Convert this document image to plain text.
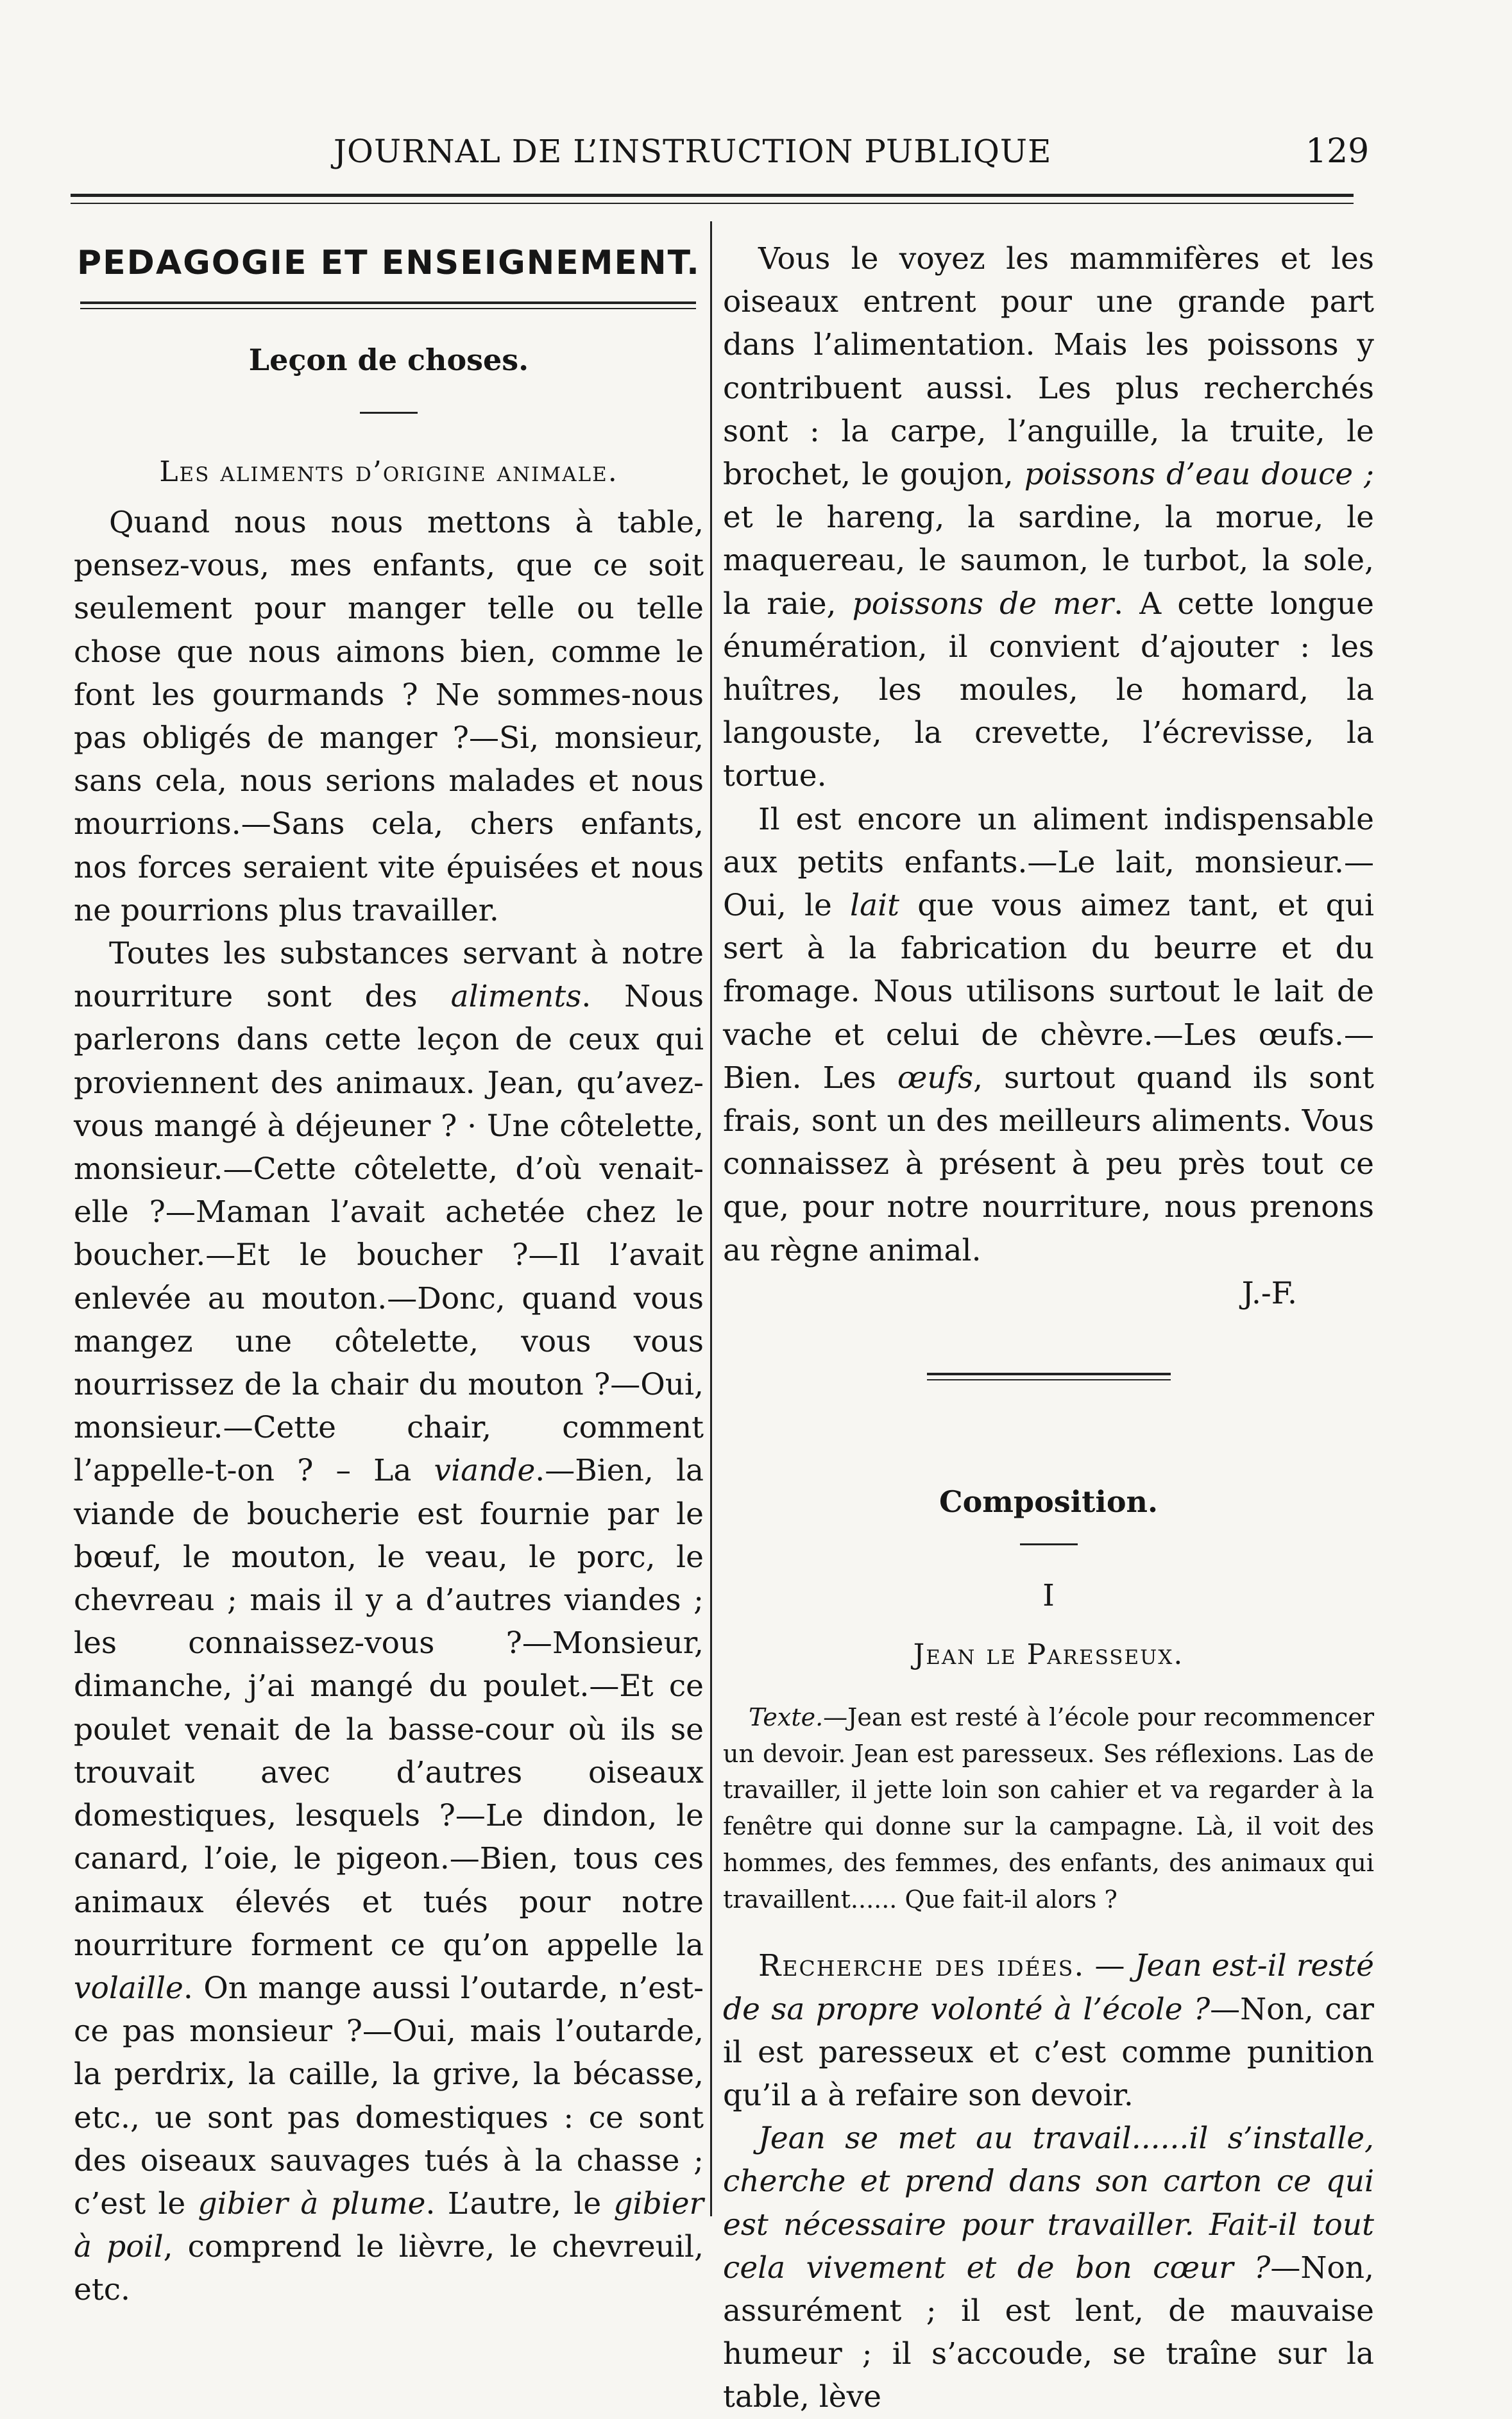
JOURNAL DE L’INSTRUCTION PUBLIQUE	129
PEDAGOGIE ET ENSEIGNEMENT.

Leçon de choses.

Les aliments d’origine animale.

Quand nous nous mettons à table, pensez-vous, mes enfants, que ce soit seulement pour manger telle ou telle chose que nous aimons bien, comme le font les gourmands ? Ne sommes-nous pas obligés de manger ?—Si, monsieur, sans cela, nous serions malades et nous mourrions.—Sans cela, chers enfants, nos forces seraient vite épuisées et nous ne pourrions plus travailler.

Toutes les substances servant à notre nourriture sont des aliments. Nous parlerons dans cette leçon de ceux qui proviennent des animaux. Jean, qu’avez-vous mangé à déjeuner ? · Une côtelette, monsieur.—Cette côtelette, d’où venait-elle ?—Maman l’avait achetée chez le boucher.—Et le boucher ?—Il l’avait enlevée au mouton.—Donc, quand vous mangez une côtelette, vous vous nourrissez de la chair du mouton ?—Oui, monsieur.—Cette chair, comment l’appelle-t-on ? – La viande.—Bien, la viande de boucherie est fournie par le bœuf, le mouton, le veau, le porc, le chevreau ; mais il y a d’autres viandes ; les connaissez-vous ?—Monsieur, dimanche, j’ai mangé du poulet.—Et ce poulet venait de la basse-cour où ils se trouvait avec d’autres oiseaux domestiques, lesquels ?—Le dindon, le canard, l’oie, le pigeon.—Bien, tous ces animaux élevés et tués pour notre nourriture forment ce qu’on appelle la volaille. On mange aussi l’outarde, n’est-ce pas monsieur ?—Oui, mais l’outarde, la perdrix, la caille, la grive, la bécasse, etc., ue sont pas domestiques : ce sont des oiseaux sauvages tués à la chasse ; c’est le gibier à plume. L’autre, le gibier à poil, comprend le lièvre, le chevreuil, etc.

Vous le voyez les mammifères et les oiseaux entrent pour une grande part dans l’alimentation. Mais les poissons y contribuent aussi. Les plus recherchés sont : la carpe, l’anguille, la truite, le brochet, le goujon, poissons d’eau douce ; et le hareng, la sardine, la morue, le maquereau, le saumon, le turbot, la sole, la raie, poissons de mer. A cette longue énumération, il convient d’ajouter : les huîtres, les moules, le homard, la langouste, la crevette, l’écrevisse, la tortue.

Il est encore un aliment indispensable aux petits enfants.—Le lait, monsieur.—Oui, le lait que vous aimez tant, et qui sert à la fabrication du beurre et du fromage. Nous utilisons surtout le lait de vache et celui de chèvre.—Les œufs.—Bien. Les œufs, surtout quand ils sont frais, sont un des meilleurs aliments. Vous connaissez à présent à peu près tout ce que, pour notre nourriture, nous prenons au règne animal.

J.-F.

Composition.

I

Jean le Paresseux.

Texte.—Jean est resté à l’école pour recommencer un devoir. Jean est paresseux. Ses réflexions. Las de travailler, il jette loin son cahier et va regarder à la fenêtre qui donne sur la campagne. Là, il voit des hommes, des femmes, des enfants, des animaux qui travaillent...... Que fait-il alors ?

Recherche des idées. — Jean est-il resté de sa propre volonté à l’école ?—Non, car il est paresseux et c’est comme punition qu’il a à refaire son devoir.

Jean se met au travail......il s’installe, cherche et prend dans son carton ce qui est nécessaire pour travailler. Fait-il tout cela vivement et de bon cœur ?—Non, assurément ; il est lent, de mauvaise humeur ; il s’accoude, se traîne sur la table, lève
